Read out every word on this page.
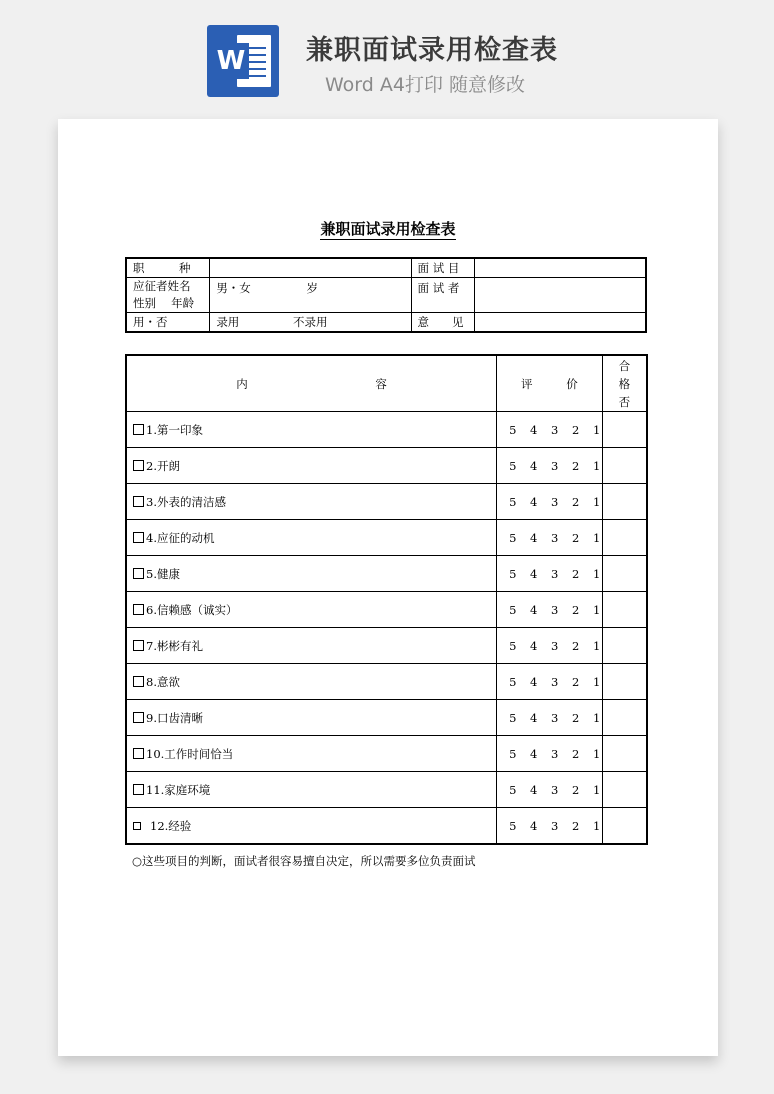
W 兼职面试录用检查表
Word A4打印 随意修改
兼职面试录用检查表
职　　　种		面 试 目	

应征者姓名
性别　 年龄	男・女 岁	面 试 者	
用・否	录用 不录用	意　　见	
内 容	评 价	合
格
否

1.第一印象	5 4 3 2 1	
2.开朗	5 4 3 2 1	
3.外表的清洁感	5 4 3 2 1	
4.应征的动机	5 4 3 2 1	
5.健康	5 4 3 2 1	
6.信赖感（诚实）	5 4 3 2 1	
7.彬彬有礼	5 4 3 2 1	
8.意欲	5 4 3 2 1	
9.口齿清晰	5 4 3 2 1	
10.工作时间恰当	5 4 3 2 1	
11.家庭环境	5 4 3 2 1	
12.经验	5 4 3 2 1	
○这些项目的判断，面试者很容易擅自决定，所以需要多位负责面试
